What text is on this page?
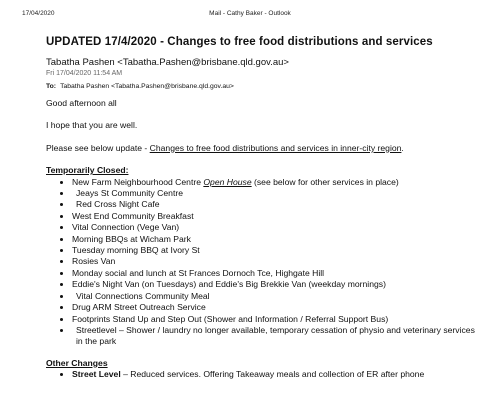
17/04/2020	Mail - Cathy Baker - Outlook
UPDATED 17/4/2020 - Changes to free food distributions and services
Tabatha Pashen <Tabatha.Pashen@brisbane.qld.gov.au>
Fri 17/04/2020 11:54 AM
To: Tabatha Pashen <Tabatha.Pashen@brisbane.qld.gov.au>

Good afternoon all

I hope that you are well.

Please see below update - Changes to free food distributions and services in inner-city region.

Temporarily Closed:
• New Farm Neighbourhood Centre Open House (see below for other services in place)
• Jeays St Community Centre
• Red Cross Night Cafe
• West End Community Breakfast
• Vital Connection (Vege Van)
• Morning BBQs at Wicham Park
• Tuesday morning BBQ at Ivory St
• Rosies Van
• Monday social and lunch at St Frances Dornoch Tce, Highgate Hill
• Eddie's Night Van (on Tuesdays) and Eddie's Big Brekkie Van (weekday mornings)
• Vital Connections Community Meal
• Drug ARM Street Outreach Service
• Footprints Stand Up and Step Out (Shower and Information / Referral Support Bus)
• Streetlevel – Shower / laundry no longer available, temporary cessation of physio and veterinary services in the park
Other Changes
• Street Level – Reduced services. Offering Takeaway meals and collection of ER after phone
